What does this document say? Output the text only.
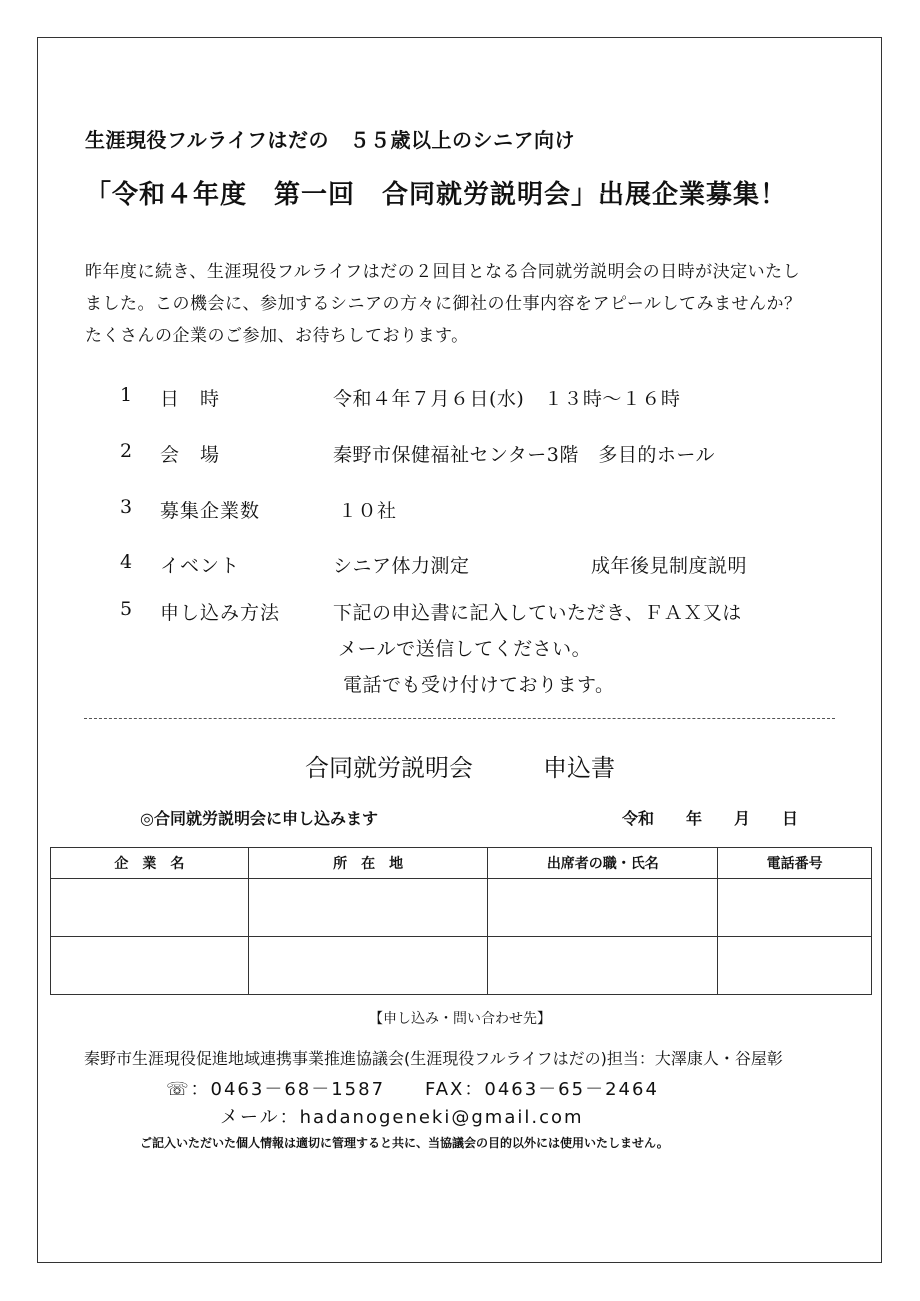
生涯現役フルライフはだの　５５歳以上のシニア向け
「令和４年度　第一回　合同就労説明会」出展企業募集！
昨年度に続き、生涯現役フルライフはだの２回目となる合同就労説明会の日時が決定いたし
ました。この機会に、参加するシニアの方々に御社の仕事内容をアピールしてみませんか？
たくさんの企業のご参加、お待ちしております。
1 日　時	令和４年７月６日(水)　１３時～１６時
2 会　場	秦野市保健福祉センター3階　多目的ホール
3 募集企業数	１０社
4 イベント	シニア体力測定	成年後見制度説明
5 申し込み方法	下記の申込書に記入していただき、ＦＡＸ又は
メールで送信してください。
電話でも受け付けております。
合同就労説明会	申込書
◎合同就労説明会に申し込みます	令和　　年　　月　　日
企　業　名	所　在　地	出席者の職・氏名	電話番号

【申し込み・問い合わせ先】
秦野市生涯現役促進地域連携事業推進協議会(生涯現役フルライフはだの)担当：大澤康人・谷屋彰
☏：0463－68－1587　　FAX：0463－65－2464
メール：hadanogeneki@gmail.com
ご記入いただいた個人情報は適切に管理すると共に、当協議会の目的以外には使用いたしません。
